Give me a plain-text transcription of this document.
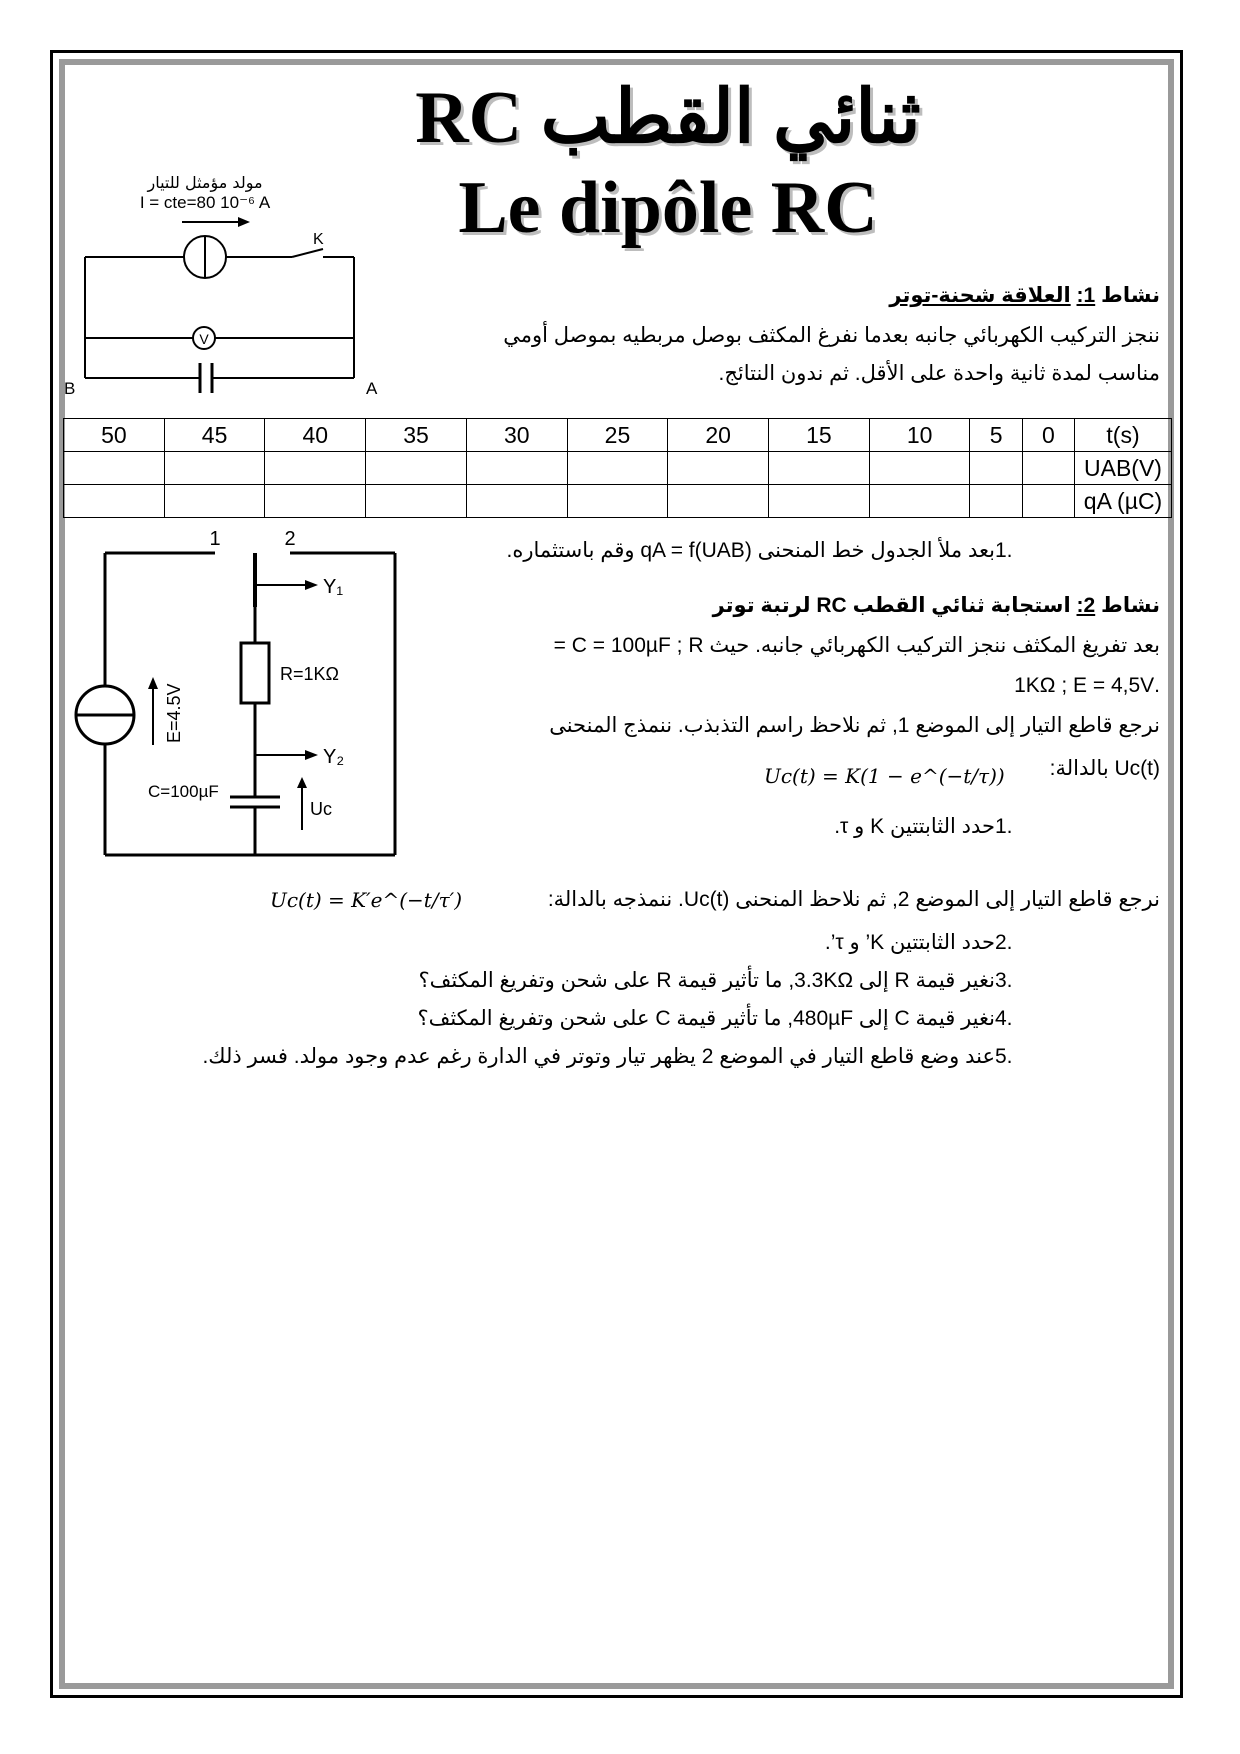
ثنائي القطب RC
Le dipôle RC
مولد مؤمثل للتيار
I = cte=80 10⁻⁶ A
K
V
B	A
نشاط 1: العلاقة شحنة-توتر
ننجز التركيب الكهربائي جانبه بعدما نفرغ المكثف بوصل مربطيه بموصل أومي
مناسب لمدة ثانية واحدة على الأقل. ثم ندون النتائج.
50	45	40	35	30	25	20	15	10	5	0	t(s)
											UAB(V)
											qA (µC)
1.
بعد ملأ الجدول خط المنحنى (qA = f(UAB وقم باستثماره.
1	2
Y₁
Y₂
R=1KΩ
C=100µF
Uc
E=4.5V
نشاط 2: استجابة ثنائي القطب RC لرتبة توتر
بعد تفريغ المكثف ننجز التركيب الكهربائي جانبه. حيث C = 100µF ; R =
.1KΩ ; E = 4,5V
نرجع قاطع التيار إلى الموضع 1, ثم نلاحظ راسم التذبذب. ننمذج المنحنى
Uc(t) بالدالة:
Uc(t) = K(1 − e^(−t/τ))
1.
حدد الثابتتين K و τ.
نرجع قاطع التيار إلى الموضع 2, ثم نلاحظ المنحنى Uc(t). ننمذجه بالدالة:
Uc(t) = K′e^(−t/τ′)
2.
حدد الثابتتين K’ و τ’.
3.
نغير قيمة R إلى 3.3KΩ, ما تأثير قيمة R على شحن وتفريغ المكثف؟
4.
نغير قيمة C إلى 480µF, ما تأثير قيمة C على شحن وتفريغ المكثف؟
5.
عند وضع قاطع التيار في الموضع 2 يظهر تيار وتوتر في الدارة رغم عدم وجود مولد. فسر ذلك.
